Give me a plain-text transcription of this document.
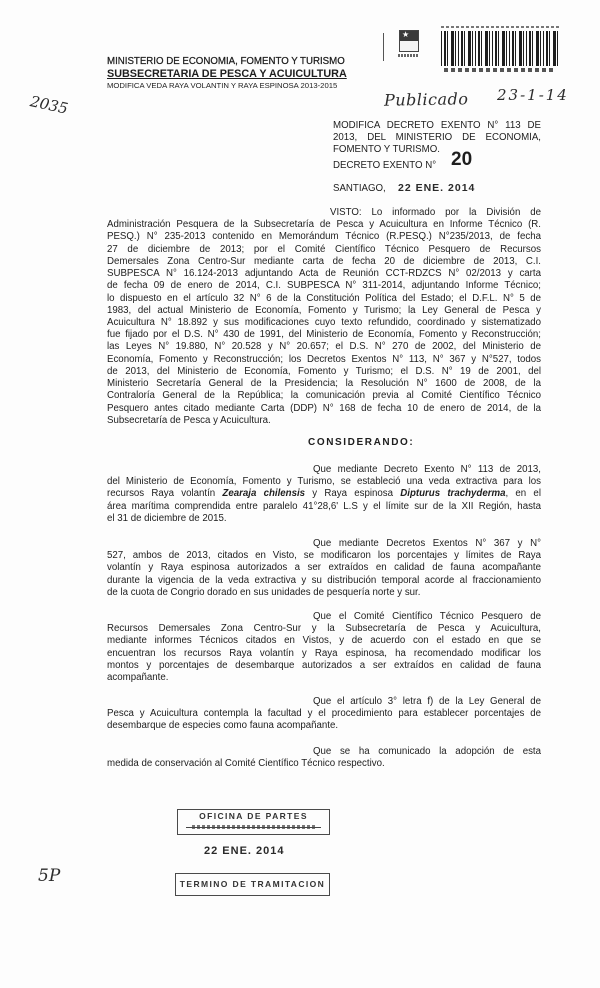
MINISTERIO DE ECONOMIA, FOMENTO Y TURISMO
SUBSECRETARIA DE PESCA Y ACUICULTURA
MODIFICA VEDA RAYA VOLANTIN Y RAYA ESPINOSA 2013-2015
★
2035	Publicado 23-1-14
MODIFICA DECRETO EXENTO N° 113 DE
2013, DEL MINISTERIO DE ECONOMÍA,
FOMENTO Y TURISMO.
DECRETO EXENTO N° 20
SANTIAGO, 22 ENE. 2014
VISTO: Lo informado por la División de
Administración Pesquera de la Subsecretaría de Pesca y Acuicultura en Informe Técnico (R.
PESQ.) N° 235-2013 contenido en Memorándum Técnico (R.PESQ.) N°235/2013, de fecha
27 de diciembre de 2013; por el Comité Científico Técnico Pesquero de Recursos
Demersales Zona Centro-Sur mediante carta de fecha 20 de diciembre de 2013, C.I.
SUBPESCA N° 16.124-2013 adjuntando Acta de Reunión CCT-RDZCS N° 02/2013 y carta
de fecha 09 de enero de 2014, C.I. SUBPESCA N° 311-2014, adjuntando Informe Técnico;
lo dispuesto en el artículo 32 N° 6 de la Constitución Política del Estado; el D.F.L. N° 5 de
1983, del actual Ministerio de Economía, Fomento y Turismo; la Ley General de Pesca y
Acuicultura N° 18.892 y sus modificaciones cuyo texto refundido, coordinado y sistematizado
fue fijado por el D.S. N° 430 de 1991, del Ministerio de Economía, Fomento y Reconstrucción;
las Leyes N° 19.880, N° 20.528 y N° 20.657; el D.S. N° 270 de 2002, del Ministerio de
Economía, Fomento y Reconstrucción; los Decretos Exentos N° 113, N° 367 y N°527, todos
de 2013, del Ministerio de Economía, Fomento y Turismo; el D.S. N° 19 de 2001, del
Ministerio Secretaría General de la Presidencia; la Resolución N° 1600 de 2008, de la
Contraloría General de la República; la comunicación previa al Comité Científico Técnico
Pesquero antes citado mediante Carta (DDP) N° 168 de fecha 10 de enero de 2014, de la
Subsecretaría de Pesca y Acuicultura.
CONSIDERANDO:
Que mediante Decreto Exento N° 113 de 2013,
del Ministerio de Economía, Fomento y Turismo, se estableció una veda extractiva para los
recursos Raya volantín Zearaja chilensis y Raya espinosa Dipturus trachyderma, en el
área marítima comprendida entre paralelo 41°28,6' L.S y el límite sur de la XII Región, hasta
el 31 de diciembre de 2015.
Que mediante Decretos Exentos N° 367 y N°
527, ambos de 2013, citados en Visto, se modificaron los porcentajes y límites de Raya
volantín y Raya espinosa autorizados a ser extraídos en calidad de fauna acompañante
durante la vigencia de la veda extractiva y su distribución temporal acorde al fraccionamiento
de la cuota de Congrio dorado en sus unidades de pesquería norte y sur.
Que el Comité Científico Técnico Pesquero de
Recursos Demersales Zona Centro-Sur y la Subsecretaría de Pesca y Acuicultura,
mediante informes Técnicos citados en Vistos, y de acuerdo con el estado en que se
encuentran los recursos Raya volantín y Raya espinosa, ha recomendado modificar los
montos y porcentajes de desembarque autorizados a ser extraídos en calidad de fauna
acompañante.
Que el artículo 3° letra f) de la Ley General de
Pesca y Acuicultura contempla la facultad y el procedimiento para establecer porcentajes de
desembarque de especies como fauna acompañante.
Que se ha comunicado la adopción de esta
medida de conservación al Comité Científico Técnico respectivo.
OFICINA DE PARTES
22 ENE. 2014
TERMINO DE TRAMITACION
5P
